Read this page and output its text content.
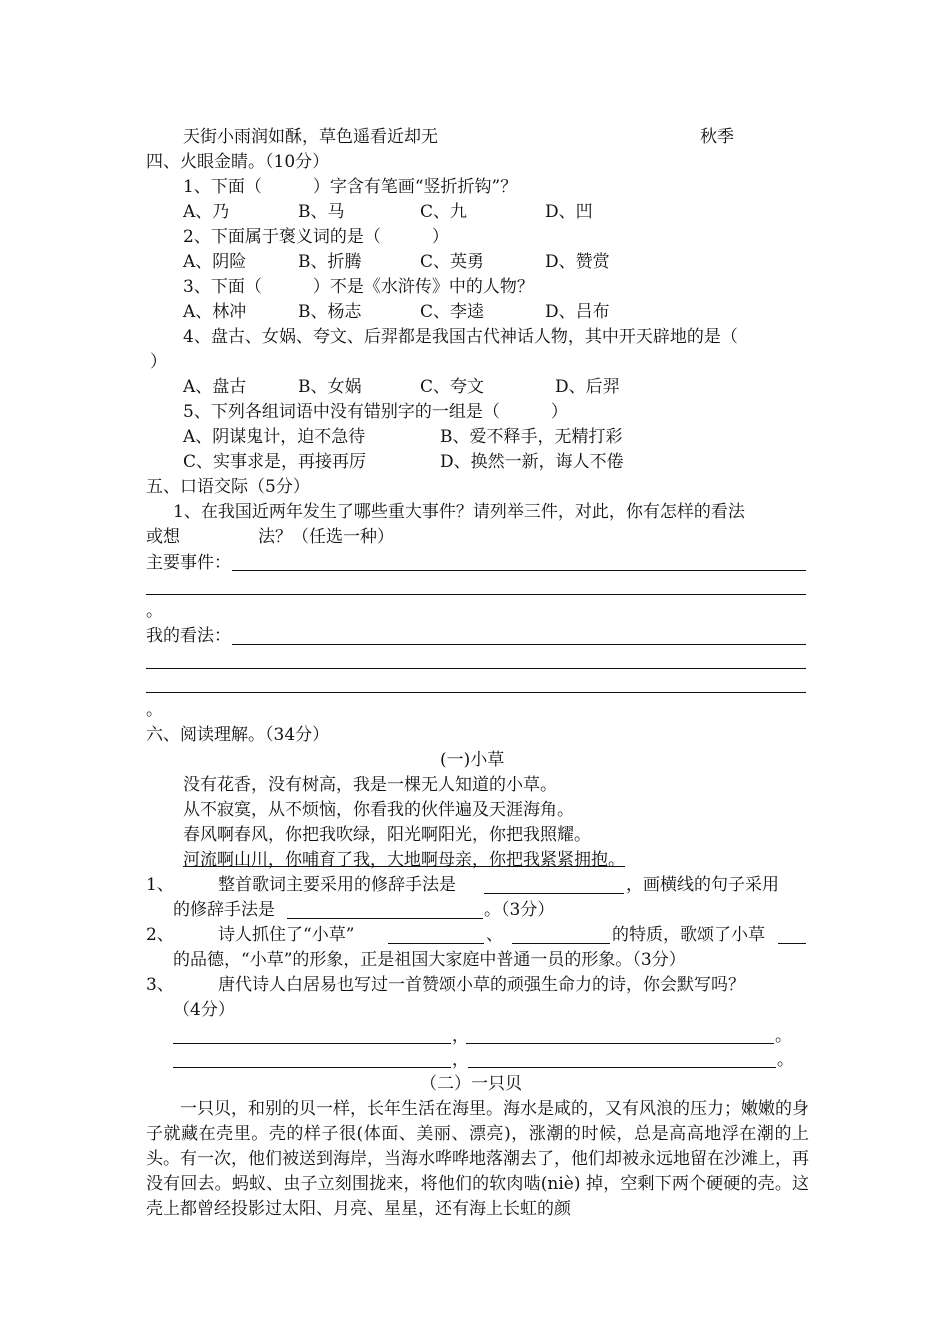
天街小雨润如酥，草色遥看近却无	秋季
四、火眼金睛。（10分）
1、下面（　　　）字含有笔画“竖折折钩”？
A、乃	B、马	C、九	D、凹
2、下面属于褒义词的是（　　　）
A、阴险	B、折腾	C、英勇	D、赞赏
3、下面（　　　）不是《水浒传》中的人物？
A、林冲	B、杨志	C、李逵	D、吕布
4、盘古、女娲、夸文、后羿都是我国古代神话人物，其中开天辟地的是（
）
A、盘古	B、女娲	C、夸文	D、后羿
5、下列各组词语中没有错别字的一组是（　　　）
A、阴谋鬼计，迫不急待	B、爱不释手，无精打彩
C、实事求是，再接再厉	D、换然一新，诲人不倦
五、口语交际（5分）
1、在我国近两年发生了哪些重大事件？请列举三件，对此，你有怎样的看法
或想	法？（任选一种）
主要事件：
。
我的看法：
。
六、阅读理解。（34分）
(一)小草
没有花香，没有树高，我是一棵无人知道的小草。
从不寂寞，从不烦恼，你看我的伙伴遍及天涯海角。
春风啊春风，你把我吹绿，阳光啊阳光，你把我照耀。
河流啊山川，你哺育了我，大地啊母亲，你把我紧紧拥抱。
1、	整首歌词主要采用的修辞手法是	，画横线的句子采用
的修辞手法是	。（3分）
2、	诗人抓住了“小草”	、	的特质，歌颂了小草
的品德，“小草”的形象，正是祖国大家庭中普通一员的形象。（3分）
3、	唐代诗人白居易也写过一首赞颂小草的顽强生命力的诗，你会默写吗？
（4分）
，	。
，	。
（二）一只贝
一只贝，和别的贝一样，长年生活在海里。海水是咸的，又有风浪的压力；嫩嫩的身子就藏在壳里。壳的样子很(体面、美丽、漂亮)，涨潮的时候，总是高高地浮在潮的上头。有一次，他们被送到海岸，当海水哗哗地落潮去了，他们却被永远地留在沙滩上，再没有回去。蚂蚁、虫子立刻围拢来，将他们的软肉啮(niè) 掉，空剩下两个硬硬的壳。这壳上都曾经投影过太阳、月亮、星星，还有海上长虹的颜
